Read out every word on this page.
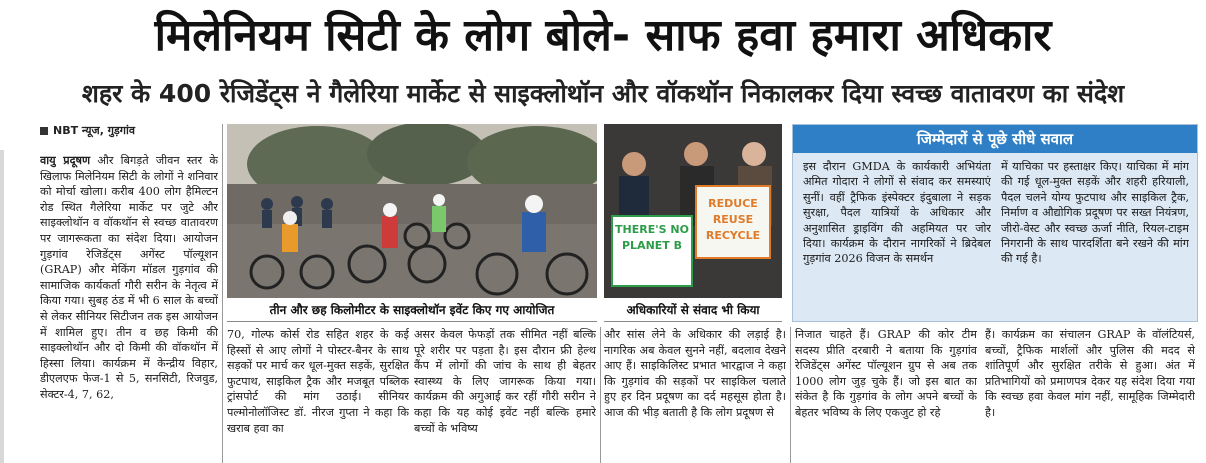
मिलेनियम सिटी के लोग बोले- साफ हवा हमारा अधिकार
शहर के 400 रेजिडेंट्स ने गैलेरिया मार्केट से साइक्लोथॉन और वॉकथॉन निकालकर दिया स्वच्छ वातावरण का संदेश
NBT न्यूज, गुड़गांव
वायु प्रदूषण और बिगड़ते जीवन स्तर के खिलाफ मिलेनियम सिटी के लोगों ने शनिवार को मोर्चा खोला। करीब 400 लोग हैमिल्टन रोड स्थित गैलेरिया मार्केट पर जुटे और साइक्लोथॉन व वॉकथॉन से स्वच्छ वातावरण पर जागरूकता का संदेश दिया। आयोजन गुड़गांव रेजिडेंट्स अगेंस्ट पॉल्यूशन (GRAP) और मेकिंग मॉडल गुड़गांव की सामाजिक कार्यकर्ता गौरी सरीन के नेतृत्व में किया गया। सुबह ठंड में भी 6 साल के बच्चों से लेकर सीनियर सिटीजन तक इस आयोजन में शामिल हुए। तीन व छह किमी की साइक्लोथॉन और दो किमी की वॉकथॉन में हिस्सा लिया। कार्यक्रम में केन्द्रीय विहार, डीएलएफ फेज-1 से 5, सनसिटी, रिजवुड, सेक्टर-4, 7, 62,
तीन और छह किलोमीटर के साइक्लोथॉन इवेंट किए गए आयोजित
THERE'S NO PLANET B
REDUCE REUSE RECYCLE
अधिकारियों से संवाद भी किया
जिम्मेदारों से पूछे सीधे सवाल
इस दौरान GMDA के कार्यकारी अभियंता अमित गोदारा ने लोगों से संवाद कर समस्याएं सुनीं। वहीं ट्रैफिक इंस्पेक्टर इंदुबाला ने सड़क सुरक्षा, पैदल यात्रियों के अधिकार और अनुशासित ड्राइविंग की अहमियत पर जोर दिया। कार्यक्रम के दौरान नागरिकों ने ब्रिदेबल गुड़गांव 2026 विजन के समर्थन
में याचिका पर हस्ताक्षर किए। याचिका में मांग की गई धूल-मुक्त सड़कें और शहरी हरियाली, पैदल चलने योग्य फुटपाथ और साइकिल ट्रैक, निर्माण व औद्योगिक प्रदूषण पर सख्त नियंत्रण, जीरो-वेस्ट और स्वच्छ ऊर्जा नीति, रियल-टाइम निगरानी के साथ पारदर्शिता बने रखने की मांग की गई है।
70, गोल्फ कोर्स रोड सहित शहर के कई हिस्सों से आए लोगों ने पोस्टर-बैनर के साथ सड़कों पर मार्च कर धूल-मुक्त सड़कें, सुरक्षित फुटपाथ, साइकिल ट्रैक और मजबूत पब्लिक ट्रांसपोर्ट की मांग उठाई। सीनियर पल्मोनोलॉजिस्ट डॉ. नीरज गुप्ता ने कहा कि खराब हवा का
असर केवल फेफड़ों तक सीमित नहीं बल्कि पूरे शरीर पर पड़ता है। इस दौरान फ्री हेल्थ कैंप में लोगों की जांच के साथ ही बेहतर स्वास्थ्य के लिए जागरूक किया गया। कार्यक्रम की अगुआई कर रहीं गौरी सरीन ने कहा कि यह कोई इवेंट नहीं बल्कि हमारे बच्चों के भविष्य
और सांस लेने के अधिकार की लड़ाई है। नागरिक अब केवल सुनने नहीं, बदलाव देखने आए हैं। साइकिलिस्ट प्रभात भारद्वाज ने कहा कि गुड़गांव की सड़कों पर साइकिल चलाते हुए हर दिन प्रदूषण का दर्द महसूस होता है। आज की भीड़ बताती है कि लोग प्रदूषण से
निजात चाहते हैं। GRAP की कोर टीम सदस्य प्रीति दरबारी ने बताया कि गुड़गांव रेजिडेंट्स अगेंस्ट पॉल्यूशन ग्रुप से अब तक 1000 लोग जुड़ चुके हैं। जो इस बात का संकेत है कि गुड़गांव के लोग अपने बच्चों के बेहतर भविष्य के लिए एकजुट हो रहे
हैं। कार्यक्रम का संचालन GRAP के वॉलंटियर्स, बच्चों, ट्रैफिक मार्शलों और पुलिस की मदद से शांतिपूर्ण और सुरक्षित तरीके से हुआ। अंत में प्रतिभागियों को प्रमाणपत्र देकर यह संदेश दिया गया कि स्वच्छ हवा केवल मांग नहीं, सामूहिक जिम्मेदारी है।
